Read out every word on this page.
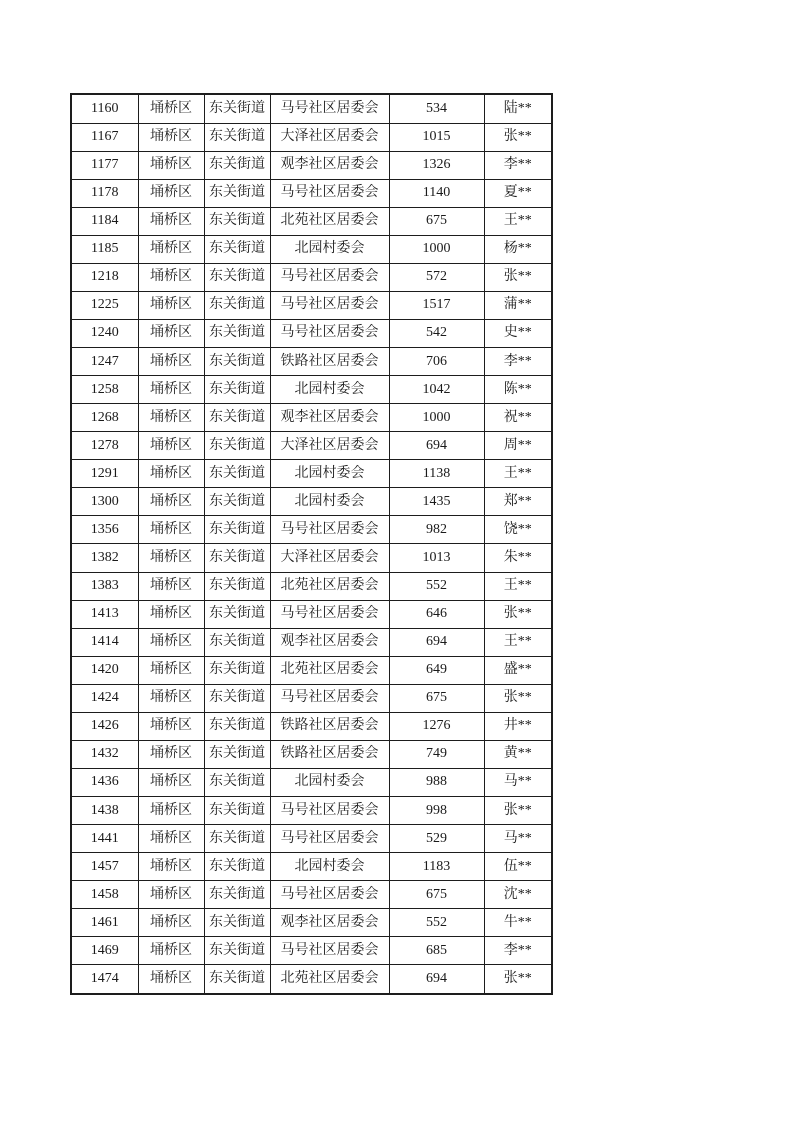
1160	埇桥区	东关街道	马号社区居委会	534	陆**
1167	埇桥区	东关街道	大泽社区居委会	1015	张**
1177	埇桥区	东关街道	观李社区居委会	1326	李**
1178	埇桥区	东关街道	马号社区居委会	1140	夏**
1184	埇桥区	东关街道	北苑社区居委会	675	王**
1185	埇桥区	东关街道	北园村委会	1000	杨**
1218	埇桥区	东关街道	马号社区居委会	572	张**
1225	埇桥区	东关街道	马号社区居委会	1517	蒲**
1240	埇桥区	东关街道	马号社区居委会	542	史**
1247	埇桥区	东关街道	铁路社区居委会	706	李**
1258	埇桥区	东关街道	北园村委会	1042	陈**
1268	埇桥区	东关街道	观李社区居委会	1000	祝**
1278	埇桥区	东关街道	大泽社区居委会	694	周**
1291	埇桥区	东关街道	北园村委会	1138	王**
1300	埇桥区	东关街道	北园村委会	1435	郑**
1356	埇桥区	东关街道	马号社区居委会	982	饶**
1382	埇桥区	东关街道	大泽社区居委会	1013	朱**
1383	埇桥区	东关街道	北苑社区居委会	552	王**
1413	埇桥区	东关街道	马号社区居委会	646	张**
1414	埇桥区	东关街道	观李社区居委会	694	王**
1420	埇桥区	东关街道	北苑社区居委会	649	盛**
1424	埇桥区	东关街道	马号社区居委会	675	张**
1426	埇桥区	东关街道	铁路社区居委会	1276	井**
1432	埇桥区	东关街道	铁路社区居委会	749	黄**
1436	埇桥区	东关街道	北园村委会	988	马**
1438	埇桥区	东关街道	马号社区居委会	998	张**
1441	埇桥区	东关街道	马号社区居委会	529	马**
1457	埇桥区	东关街道	北园村委会	1183	伍**
1458	埇桥区	东关街道	马号社区居委会	675	沈**
1461	埇桥区	东关街道	观李社区居委会	552	牛**
1469	埇桥区	东关街道	马号社区居委会	685	李**
1474	埇桥区	东关街道	北苑社区居委会	694	张**
